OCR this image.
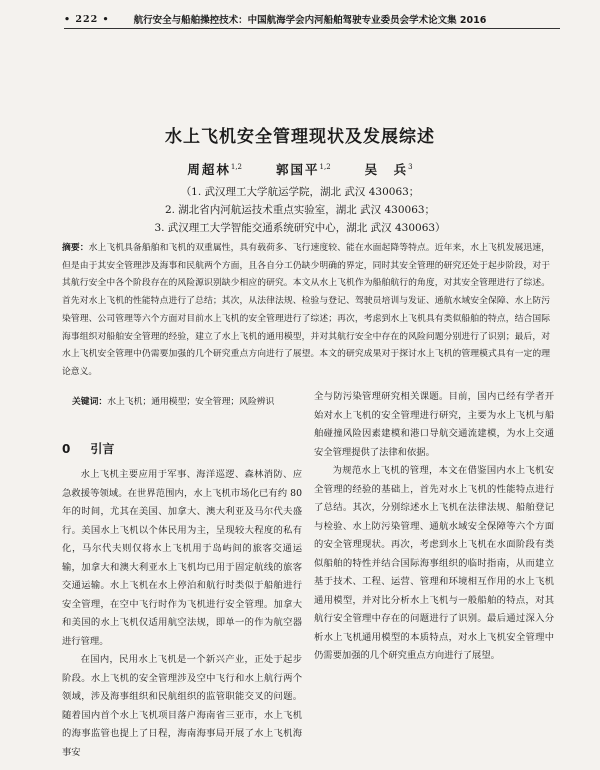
• 222 •	航行安全与船舶操控技术：中国航海学会内河船舶驾驶专业委员会学术论文集 2016
水上飞机安全管理现状及发展综述
周超林$^{1,2}$	郭国平$^{1,2}$	吴　兵$^3$
（1. 武汉理工大学航运学院，湖北 武汉 430063；
2. 湖北省内河航运技术重点实验室，湖北 武汉 430063；
3. 武汉理工大学智能交通系统研究中心，湖北 武汉 430063）
摘要：水上飞机具备船舶和飞机的双重属性，具有载荷多、飞行速度较、能在水面起降等特点。近年来，水上飞机发展迅速，但是由于其安全管理涉及海事和民航两个方面，且各自分工仍缺少明确的界定，同时其安全管理的研究还处于起步阶段，对于其航行安全中各个阶段存在的风险源识别缺少相应的研究。本文从水上飞机作为船舶航行的角度，对其安全管理进行了综述。首先对水上飞机的性能特点进行了总结；其次，从法律法规、检验与登记、驾驶员培训与发证、通航水域安全保障、水上防污染管理、公司管理等六个方面对目前水上飞机的安全管理进行了综述；再次，考虑到水上飞机具有类似船舶的特点，结合国际海事组织对船舶安全管理的经验，建立了水上飞机的通用模型，并对其航行安全中存在的风险问题分别进行了识别；最后，对水上飞机安全管理中仍需要加强的几个研究重点方向进行了展望。本文的研究成果对于探讨水上飞机的管理模式具有一定的理论意义。
关键词：水上飞机；通用模型；安全管理；风险辨识
0 引言

水上飞机主要应用于军事、海洋巡逻、森林消防、应急救援等领域。在世界范围内，水上飞机市场化已有约 80 年的时间，尤其在美国、加拿大、澳大利亚及马尔代夫盛行。美国水上飞机以个体民用为主，呈现较大程度的私有化，马尔代夫则仅将水上飞机用于岛屿间的旅客交通运输，加拿大和澳大利亚水上飞机均已用于固定航线的旅客交通运输。水上飞机在水上停泊和航行时类似于船舶进行安全管理，在空中飞行时作为飞机进行安全管理。加拿大和美国的水上飞机仅适用航空法规，即单一的作为航空器进行管理。

在国内，民用水上飞机是一个新兴产业，正处于起步阶段。水上飞机的安全管理涉及空中飞行和水上航行两个领域，涉及海事组织和民航组织的监管职能交叉的问题。随着国内首个水上飞机项目落户海南省三亚市，水上飞机的海事监管也提上了日程，海南海事局开展了水上飞机海事安

全与防污染管理研究相关课题。目前，国内已经有学者开始对水上飞机的安全管理进行研究，主要为水上飞机与船舶碰撞风险因素建模和港口导航交通流建模，为水上交通安全管理提供了法律和依据。

为规范水上飞机的管理，本文在借鉴国内水上飞机安全管理的经验的基础上，首先对水上飞机的性能特点进行了总结。其次，分别综述水上飞机在法律法规、船舶登记与检验、水上防污染管理、通航水域安全保障等六个方面的安全管理现状。再次，考虑到水上飞机在水面阶段有类似船舶的特性并结合国际海事组织的临时指南，从而建立基于技术、工程、运营、管理和环境相互作用的水上飞机通用模型，并对比分析水上飞机与一般船舶的特点，对其航行安全管理中存在的问题进行了识别。最后通过深入分析水上飞机通用模型的本质特点，对水上飞机安全管理中仍需要加强的几个研究重点方向进行了展望。
